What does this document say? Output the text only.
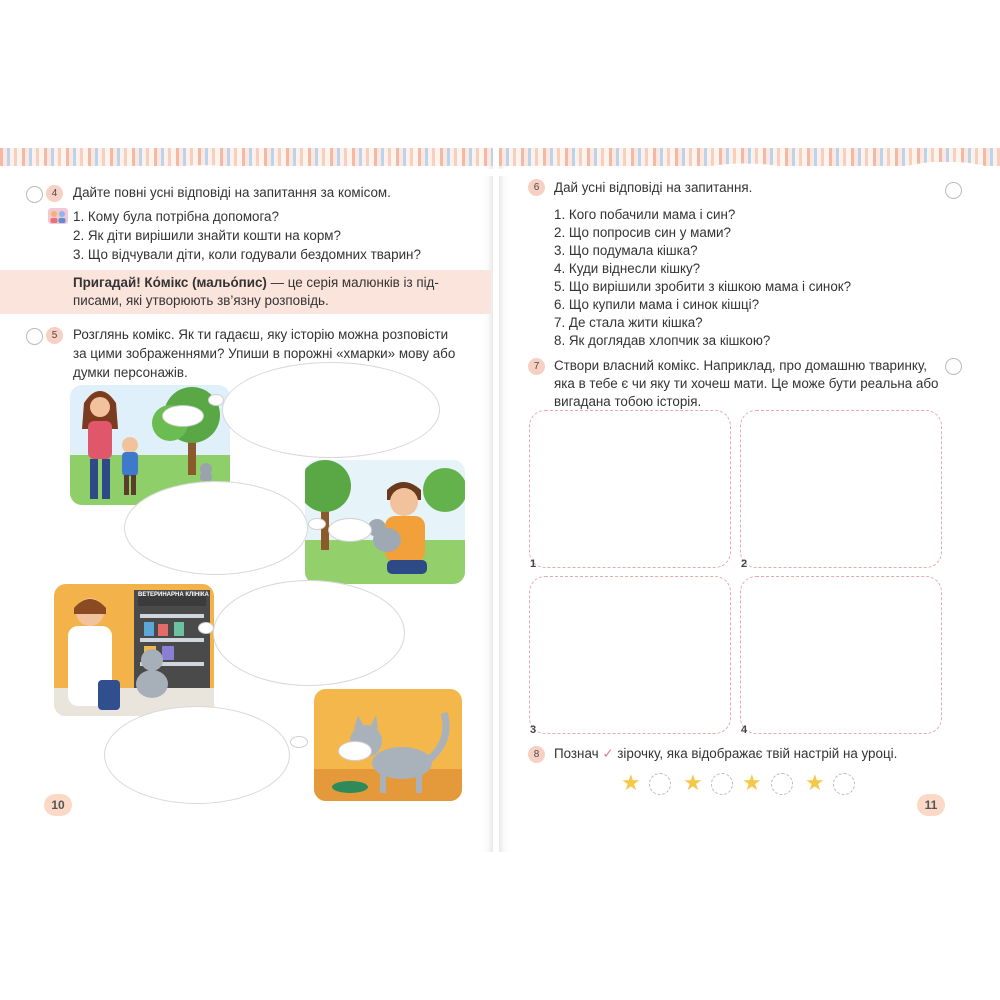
4	Дайте повні усні відповіді на запитання за комісом.
1. Кому була потрібна допомога?
2. Як діти вирішили знайти кошти на корм?
3. Що відчували діти, коли годували бездомних тварин?
Пригадай! Ко́мікс (мальо́пис) — це серія малюнків із під-
писами, які утворюють зв’язну розповідь.
5	Розглянь комікс. Як ти гадаєш, яку історію можна розповісти
за цими зображеннями? Упиши в порожні «хмарки» мову або
думки персонажів.
ВЕТЕРИНАРНА КЛІНІКА
10
6	Дай усні відповіді на запитання.
1. Кого побачили мама і син?
2. Що попросив син у мами?
3. Що подумала кішка?
4. Куди віднесли кішку?
5. Що вирішили зробити з кішкою мама і синок?
6. Що купили мама і синок кішці?
7. Де стала жити кішка?
8. Як доглядав хлопчик за кішкою?
7	Створи власний комікс. Наприклад, про домашню тваринку,
яка в тебе є чи яку ти хочеш мати. Це може бути реальна або
вигадана тобою історія.
1	2
3	4
8	Познач ✓ зірочку, яка відображає твій настрій на уроці.
★ ★ ★ ★
11
